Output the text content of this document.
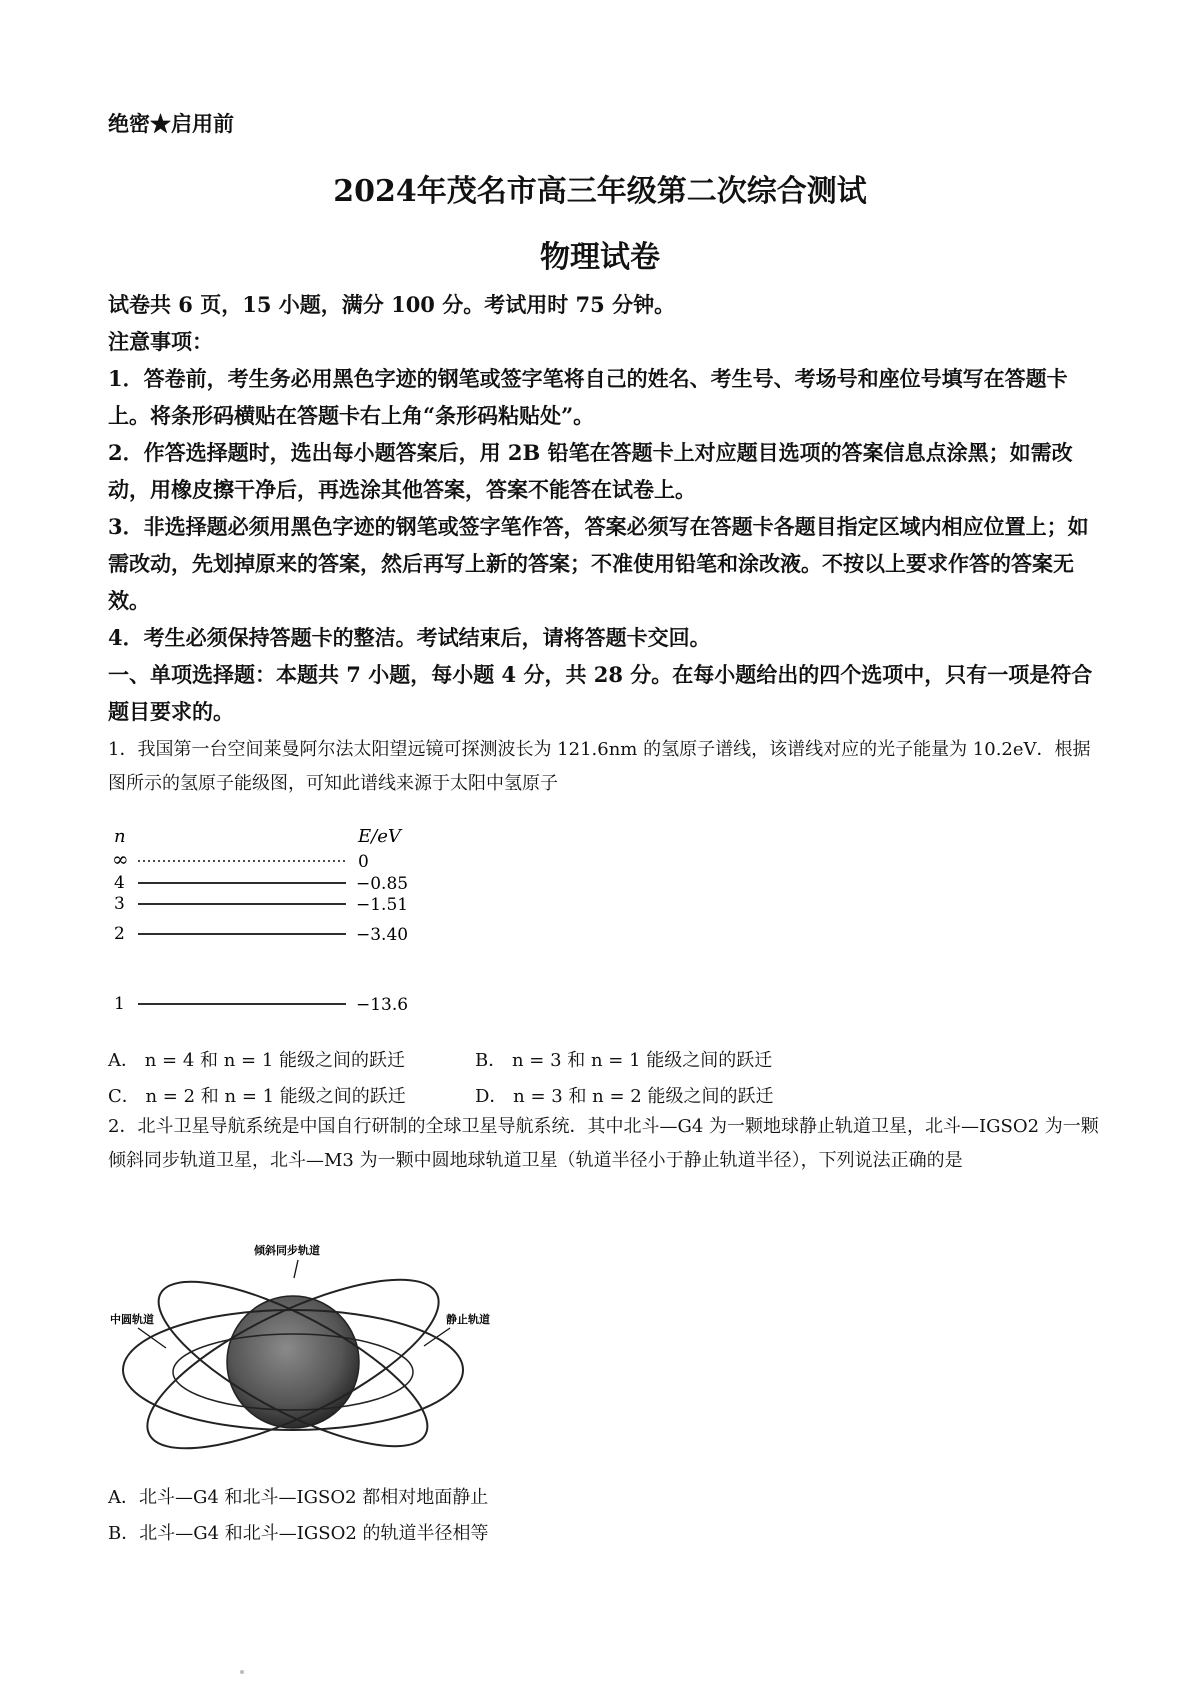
绝密★启用前
2024年茂名市高三年级第二次综合测试
物理试卷

试卷共 6 页，15 小题，满分 100 分。考试用时 75 分钟。

注意事项：

1．答卷前，考生务必用黑色字迹的钢笔或签字笔将自己的姓名、考生号、考场号和座位号填写在答题卡上。将条形码横贴在答题卡右上角“条形码粘贴处”。

2．作答选择题时，选出每小题答案后，用 2B 铅笔在答题卡上对应题目选项的答案信息点涂黑；如需改动，用橡皮擦干净后，再选涂其他答案，答案不能答在试卷上。

3．非选择题必须用黑色字迹的钢笔或签字笔作答，答案必须写在答题卡各题目指定区域内相应位置上；如需改动，先划掉原来的答案，然后再写上新的答案；不准使用铅笔和涂改液。不按以上要求作答的答案无效。

4．考生必须保持答题卡的整洁。考试结束后，请将答题卡交回。

一、单项选择题：本题共 7 小题，每小题 4 分，共 28 分。在每小题给出的四个选项中，只有一项是符合题目要求的。

1．我国第一台空间莱曼阿尔法太阳望远镜可探测波长为 121.6nm 的氢原子谱线，该谱线对应的光子能量为 10.2eV．根据图所示的氢原子能级图，可知此谱线来源于太阳中氢原子

n	E/eV
∞	0
4	−0.85
3	−1.51
2	−3.40
1	−13.6
A． n = 4 和 n = 1 能级之间的跃迁	B． n = 3 和 n = 1 能级之间的跃迁
C． n = 2 和 n = 1 能级之间的跃迁	D． n = 3 和 n = 2 能级之间的跃迁

2．北斗卫星导航系统是中国自行研制的全球卫星导航系统．其中北斗—G4 为一颗地球静止轨道卫星，北斗—IGSO2 为一颗倾斜同步轨道卫星，北斗—M3 为一颗中圆地球轨道卫星（轨道半径小于静止轨道半径），下列说法正确的是

倾斜同步轨道
中圆轨道	静止轨道

A．北斗—G4 和北斗—IGSO2 都相对地面静止

B．北斗—G4 和北斗—IGSO2 的轨道半径相等
